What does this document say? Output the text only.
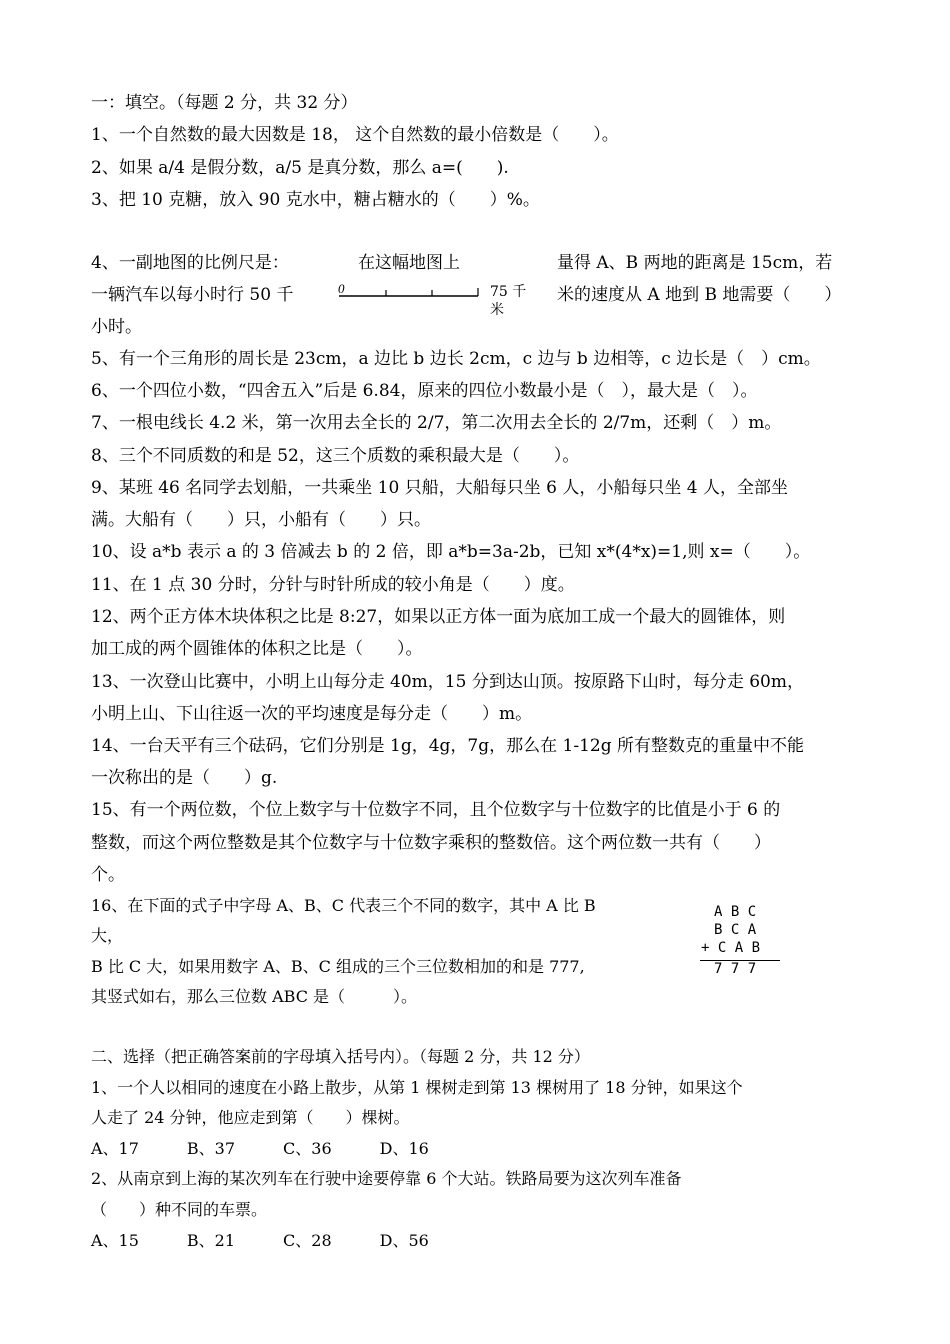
一：填空。（每题 2 分，共 32 分）
1、一个自然数的最大因数是 18， 这个自然数的最小倍数是（　　）。
2、如果 a/4 是假分数，a/5 是真分数，那么 a=(　　).
3、把 10 克糖，放入 90 克水中，糖占糖水的（　　）%。
4、一副地图的比例尺是：	在这幅地图上	量得 A、B 两地的距离是 15cm，若
一辆汽车以每小时行 50 千	米的速度从 A 地到 B 地需要（　　）
小时。
0	75 千
米
5、有一个三角形的周长是 23cm，a 边比 b 边长 2cm，c 边与 b 边相等，c 边长是（　）cm。
6、一个四位小数，“四舍五入”后是 6.84，原来的四位小数最小是（　），最大是（　）。
7、一根电线长 4.2 米，第一次用去全长的 2/7，第二次用去全长的 2/7m，还剩（　）m。
8、三个不同质数的和是 52，这三个质数的乘积最大是（　　）。
9、某班 46 名同学去划船，一共乘坐 10 只船，大船每只坐 6 人，小船每只坐 4 人，全部坐
满。大船有（　　）只，小船有（　　）只。
10、设 a*b 表示 a 的 3 倍减去 b 的 2 倍，即 a*b=3a-2b，已知 x*(4*x)=1,则 x=（　　）。
11、在 1 点 30 分时，分针与时针所成的较小角是（　　）度。
12、两个正方体木块体积之比是 8:27，如果以正方体一面为底加工成一个最大的圆锥体，则
加工成的两个圆锥体的体积之比是（　　）。
13、一次登山比赛中，小明上山每分走 40m，15 分到达山顶。按原路下山时，每分走 60m，
小明上山、下山往返一次的平均速度是每分走（　　）m。
14、一台天平有三个砝码，它们分别是 1g，4g，7g，那么在 1-12g 所有整数克的重量中不能
一次称出的是（　　）g.
15、有一个两位数，个位上数字与十位数字不同，且个位数字与十位数字的比值是小于 6 的
整数，而这个两位整数是其个位数字与十位数字乘积的整数倍。这个两位数一共有（　　）
个。
16、在下面的式子中字母 A、B、C 代表三个不同的数字，其中 A 比 B
大，
B 比 C 大，如果用数字 A、B、C 组成的三个三位数相加的和是 777,
其竖式如右，那么三位数 ABC 是（　　　）。
A B C
B C A
+ C A B
7 7 7
二、选择（把正确答案前的字母填入括号内）。（每题 2 分，共 12 分）
1、一个人以相同的速度在小路上散步，从第 1 棵树走到第 13 棵树用了 18 分钟，如果这个
人走了 24 分钟，他应走到第（　　）棵树。
A、17　　　B、37　　　C、36　　　D、16
2、从南京到上海的某次列车在行驶中途要停靠 6 个大站。铁路局要为这次列车准备
（　　）种不同的车票。
A、15　　　B、21　　　C、28　　　D、56
